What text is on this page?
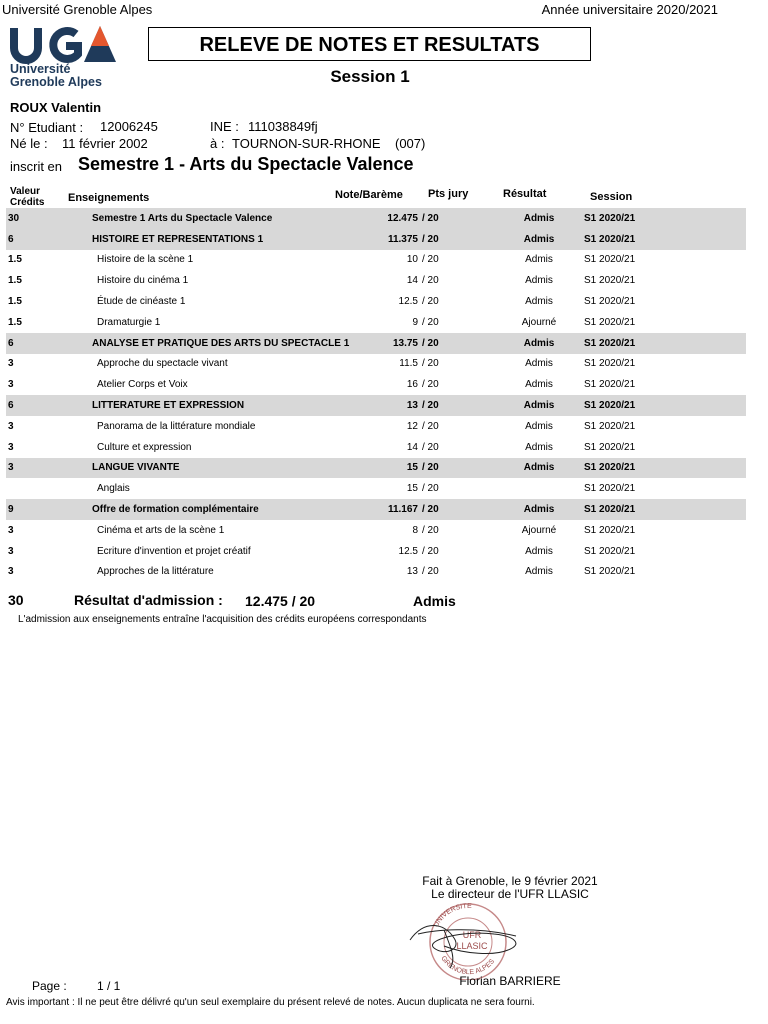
Université Grenoble Alpes	Année universitaire 2020/2021
Université
Grenoble Alpes
RELEVE DE NOTES ET RESULTATS
Session 1
ROUX Valentin
N° Etudiant : 12006245	INE : 111038849fj
Né le : 11 février 2002	à : TOURNON-SUR-RHONE (007)
inscrit en Semestre 1 - Arts du Spectacle Valence
Valeur
Crédits Enseignements	Note/Barème Pts jury	Résultat	Session
30	Semestre 1 Arts du Spectacle Valence		12.475	/ 20	Admis	S1 2020/21
6	HISTOIRE ET REPRESENTATIONS 1		11.375	/ 20	Admis	S1 2020/21
1.5	Histoire de la scène 1		10	/ 20	Admis	S1 2020/21
1.5	Histoire du cinéma 1		14	/ 20	Admis	S1 2020/21
1.5	Étude de cinéaste 1		12.5	/ 20	Admis	S1 2020/21
1.5	Dramaturgie 1		9	/ 20	Ajourné	S1 2020/21
6	ANALYSE ET PRATIQUE DES ARTS DU SPECTACLE 1		13.75	/ 20	Admis	S1 2020/21
3	Approche du spectacle vivant		11.5	/ 20	Admis	S1 2020/21
3	Atelier Corps et Voix		16	/ 20	Admis	S1 2020/21
6	LITTERATURE ET EXPRESSION		13	/ 20	Admis	S1 2020/21
3	Panorama de la littérature mondiale		12	/ 20	Admis	S1 2020/21
3	Culture et expression		14	/ 20	Admis	S1 2020/21
3	LANGUE VIVANTE		15	/ 20	Admis	S1 2020/21
	Anglais		15	/ 20		S1 2020/21
9	Offre de formation complémentaire		11.167	/ 20	Admis	S1 2020/21
3	Cinéma et arts de la scène 1		8	/ 20	Ajourné	S1 2020/21
3	Ecriture d'invention et projet créatif		12.5	/ 20	Admis	S1 2020/21
3	Approches de la littérature		13	/ 20	Admis	S1 2020/21
30	Résultat d'admission : 12.475 / 20	Admis
L'admission aux enseignements entraîne l'acquisition des crédits européens correspondants
Fait à Grenoble, le 9 février 2021
Le directeur de l'UFR LLASIC
UNIVERSITE
GRENOBLE ALPES
UFR
LLASIC
Florian BARRIERE
Page :	1 / 1
Avis important : Il ne peut être délivré qu'un seul exemplaire du présent relevé de notes. Aucun duplicata ne sera fourni.
